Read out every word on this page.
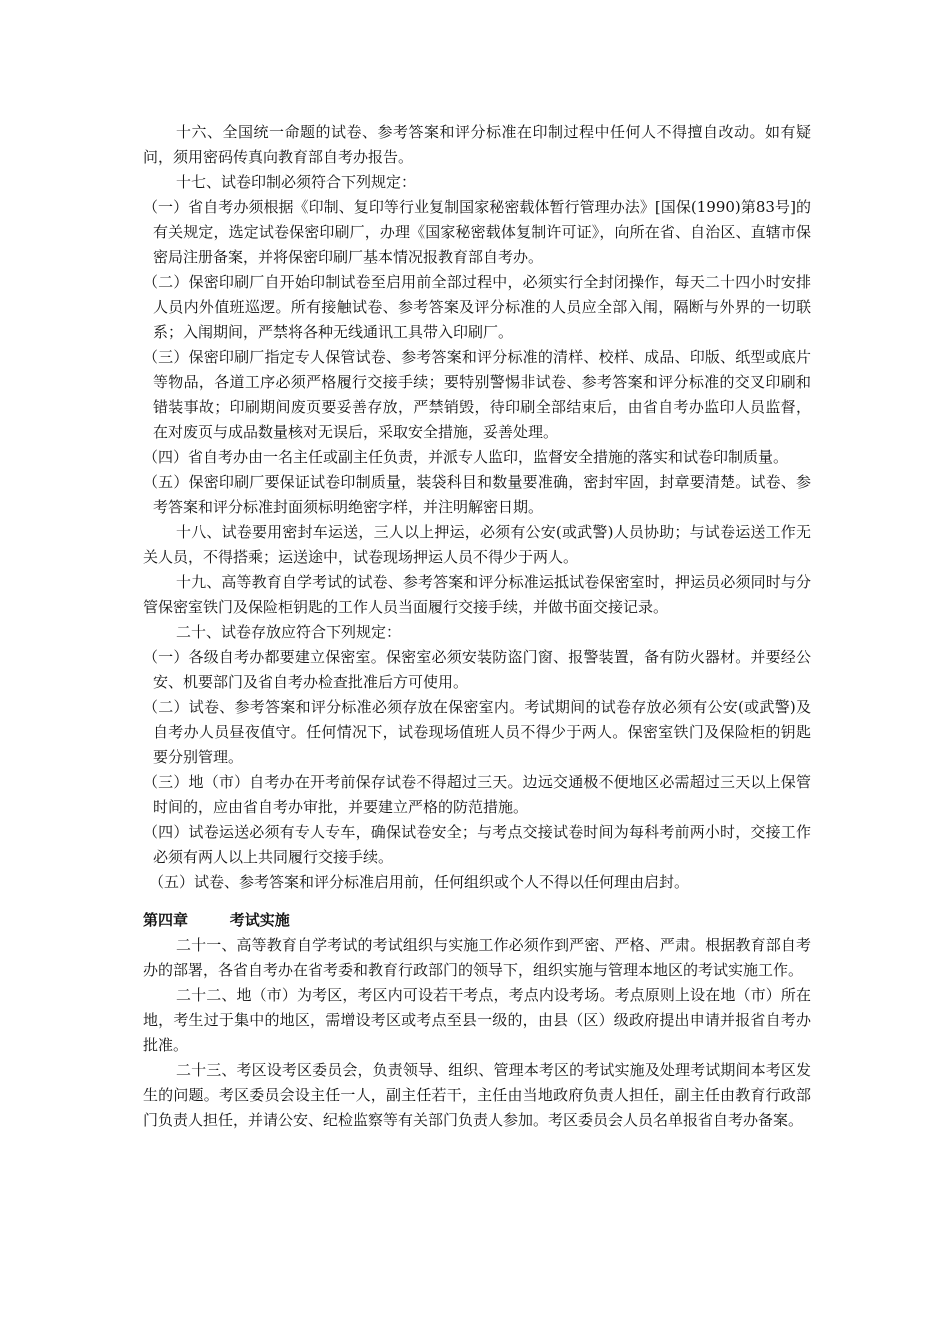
十六、全国统一命题的试卷、参考答案和评分标准在印制过程中任何人不得擅自改动。如有疑问，须用密码传真向教育部自考办报告。

十七、试卷印制必须符合下列规定：

（一）省自考办须根据《印制、复印等行业复制国家秘密载体暂行管理办法》[国保(1990)第83号]的有关规定，选定试卷保密印刷厂，办理《国家秘密载体复制许可证》，向所在省、自治区、直辖市保密局注册备案，并将保密印刷厂基本情况报教育部自考办。

（二）保密印刷厂自开始印制试卷至启用前全部过程中，必须实行全封闭操作，每天二十四小时安排人员内外值班巡逻。所有接触试卷、参考答案及评分标准的人员应全部入闱，隔断与外界的一切联系；入闱期间，严禁将各种无线通讯工具带入印刷厂。

（三）保密印刷厂指定专人保管试卷、参考答案和评分标准的清样、校样、成品、印版、纸型或底片等物品，各道工序必须严格履行交接手续；要特别警惕非试卷、参考答案和评分标准的交叉印刷和错装事故；印刷期间废页要妥善存放，严禁销毁，待印刷全部结束后，由省自考办监印人员监督，在对废页与成品数量核对无误后，采取安全措施，妥善处理。

（四）省自考办由一名主任或副主任负责，并派专人监印，监督安全措施的落实和试卷印制质量。

（五）保密印刷厂要保证试卷印制质量，装袋科目和数量要准确，密封牢固，封章要清楚。试卷、参考答案和评分标准封面须标明绝密字样，并注明解密日期。

十八、试卷要用密封车运送，三人以上押运，必须有公安(或武警)人员协助；与试卷运送工作无关人员，不得搭乘；运送途中，试卷现场押运人员不得少于两人。

十九、高等教育自学考试的试卷、参考答案和评分标准运抵试卷保密室时，押运员必须同时与分管保密室铁门及保险柜钥匙的工作人员当面履行交接手续，并做书面交接记录。

二十、试卷存放应符合下列规定：

（一）各级自考办都要建立保密室。保密室必须安装防盗门窗、报警装置，备有防火器材。并要经公安、机要部门及省自考办检查批准后方可使用。

（二）试卷、参考答案和评分标准必须存放在保密室内。考试期间的试卷存放必须有公安(或武警)及自考办人员昼夜值守。任何情况下，试卷现场值班人员不得少于两人。保密室铁门及保险柜的钥匙要分别管理。

（三）地（市）自考办在开考前保存试卷不得超过三天。边远交通极不便地区必需超过三天以上保管时间的，应由省自考办审批，并要建立严格的防范措施。

（四）试卷运送必须有专人专车，确保试卷安全；与考点交接试卷时间为每科考前两小时，交接工作必须有两人以上共同履行交接手续。

（五）试卷、参考答案和评分标准启用前，任何组织或个人不得以任何理由启封。

第四章        考试实施

二十一、高等教育自学考试的考试组织与实施工作必须作到严密、严格、严肃。根据教育部自考办的部署，各省自考办在省考委和教育行政部门的领导下，组织实施与管理本地区的考试实施工作。

二十二、地（市）为考区，考区内可设若干考点，考点内设考场。考点原则上设在地（市）所在地，考生过于集中的地区，需增设考区或考点至县一级的，由县（区）级政府提出申请并报省自考办批准。

二十三、考区设考区委员会，负责领导、组织、管理本考区的考试实施及处理考试期间本考区发生的问题。考区委员会设主任一人，副主任若干，主任由当地政府负责人担任，副主任由教育行政部门负责人担任，并请公安、纪检监察等有关部门负责人参加。考区委员会人员名单报省自考办备案。
